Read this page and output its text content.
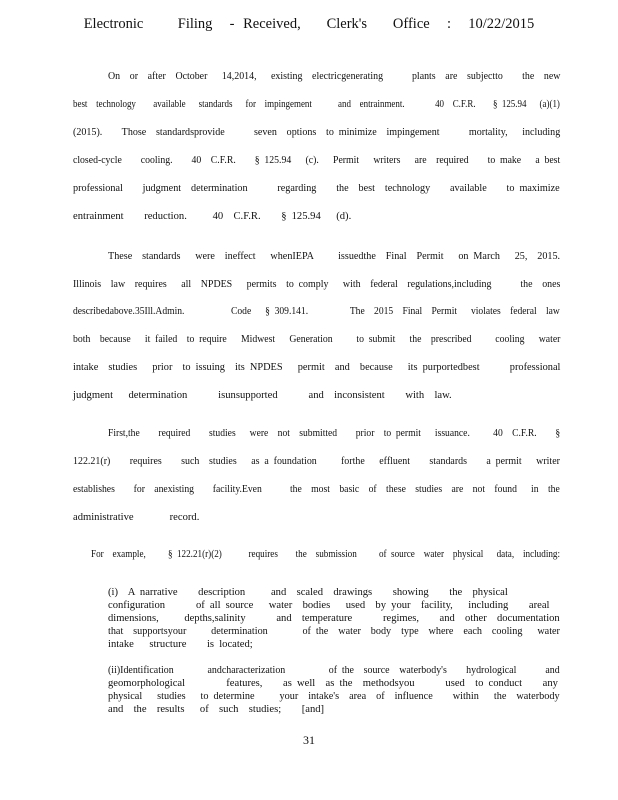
Electronic    Filing  - Received,   Clerk's   Office  :  10/22/2015
On  or  after  October   14,2014,   existing  electricgenerating      plants  are  subjectto    the  new
best  technology    available   standards   for  impingement      and  entrainment.       40  C.F.R.    § 125.94   (a)(1)
(2015).    Those  standardsprovide      seven  options  to minimize  impingement      mortality,   including
closed-cycle    cooling.    40  C.F.R.    § 125.94   (c).   Permit   writers   are  required    to make   a best
professional    judgment  determination      regarding    the  best  technology    available    to maximize
entrainment    reduction.     40  C.F.R.    § 125.94   (d).
These  standards   were  ineffect   whenIEPA     issuedthe  Final  Permit   on March   25,  2015.
Illinois  law  requires   all  NPDES   permits  to comply   with  federal  regulations,including      the  ones
describedabove.35Ill.Admin.          Code   § 309.141.         The  2015  Final  Permit   violates  federal  law
both  because   it failed  to require   Midwest   Generation     to submit   the  prescribed     cooling   water
intake  studies   prior  to issuing  its NPDES   permit  and  because   its purportedbest      professional
judgment   determination      isunsupported      and  inconsistent    with  law.
First,the    required    studies   were  not  submitted    prior  to permit   issuance.     40  C.F.R.    §
122.21(r)    requires    such  studies   as a foundation     forthe   effluent    standards    a permit   writer
establishes    for  anexisting    facility.Even      the  most  basic  of  these  studies  are  not  found   in  the
administrative       record.
For  example,     § 122.21(r)(2)      requires    the  submission     of source  water  physical   data,  including:
(i)  A narrative    description     and  scaled  drawings    showing    the  physical
configuration      of all source   water  bodies   used  by your  facility,   including    areal
dimensions,     depths,salinity      and  temperature      regimes,    and  other  documentation
that  supportsyour     determination       of the  water  body  type  where  each  cooling   water
intake   structure    is located;
(ii)Identification       andcharacterization         of the  source  waterbody's    hydrological      and
geomorphological        features,    as well  as the  methodsyou      used  to conduct    any
physical   studies   to determine     your  intake's  area  of  influence    within   the  waterbody
and  the  results   of  such  studies;    [and]
31
